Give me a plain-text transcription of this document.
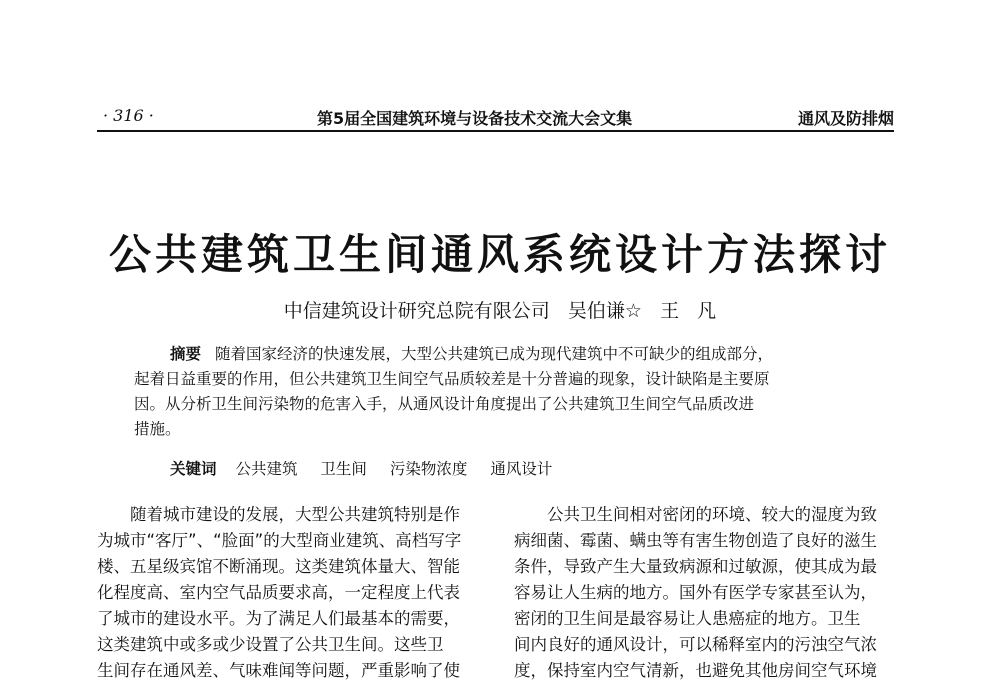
· 316 ·	第5届全国建筑环境与设备技术交流大会文集	通风及防排烟
公共建筑卫生间通风系统设计方法探讨
中信建筑设计研究总院有限公司   吴伯谦☆   王   凡
摘要 随着国家经济的快速发展，大型公共建筑已成为现代建筑中不可缺少的组成部分，
起着日益重要的作用，但公共建筑卫生间空气品质较差是十分普遍的现象，设计缺陷是主要原
因。从分析卫生间污染物的危害入手，从通风设计角度提出了公共建筑卫生间空气品质改进
措施。
关键词 公共建筑 卫生间 污染物浓度 通风设计
随着城市建设的发展，大型公共建筑特别是作
为城市“客厅”、“脸面”的大型商业建筑、高档写字
楼、五星级宾馆不断涌现。这类建筑体量大、智能
化程度高、室内空气品质要求高，一定程度上代表
了城市的建设水平。为了满足人们最基本的需要，
这类建筑中或多或少设置了公共卫生间。这些卫
生间存在通风差、气味难闻等问题，严重影响了使
公共卫生间相对密闭的环境、较大的湿度为致
病细菌、霉菌、螨虫等有害生物创造了良好的滋生
条件，导致产生大量致病源和过敏源，使其成为最
容易让人生病的地方。国外有医学专家甚至认为，
密闭的卫生间是最容易让人患癌症的地方。卫生
间内良好的通风设计，可以稀释室内的污浊空气浓
度，保持室内空气清新，也避免其他房间空气环境
